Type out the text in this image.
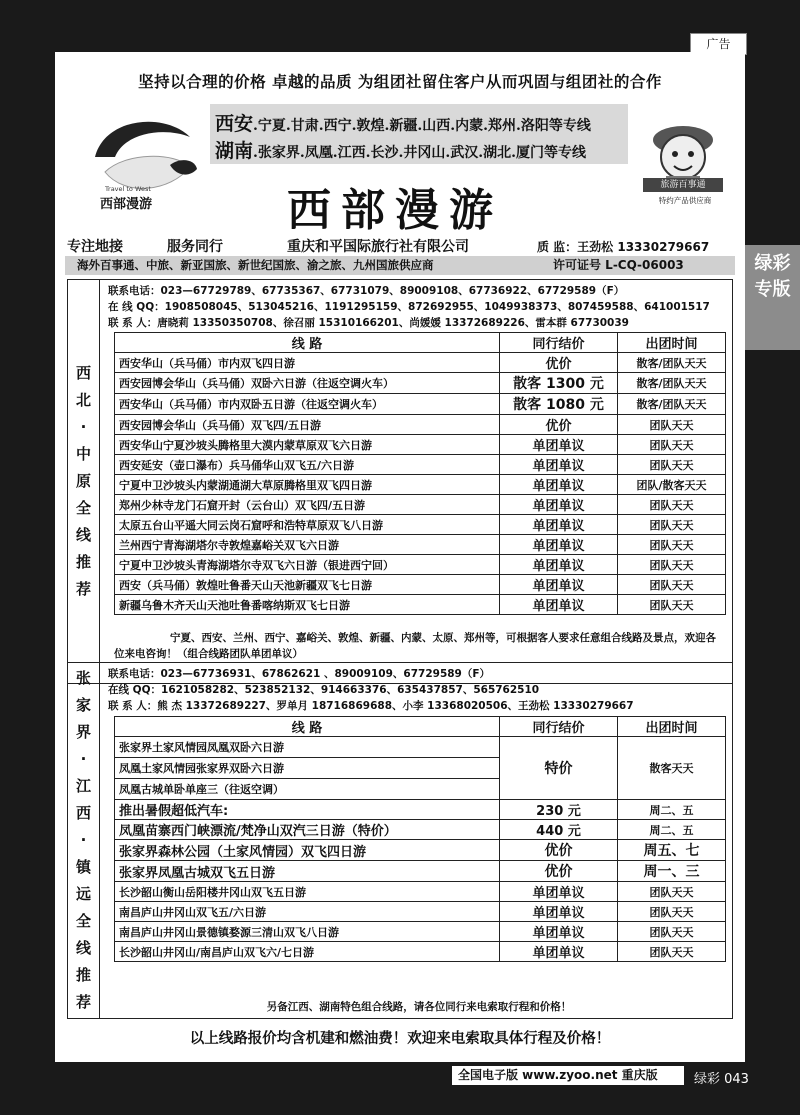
广告
绿彩专版
坚持以合理的价格 卓越的品质 为组团社留住客户从而巩固与组团社的合作
Travel to West
西部漫游
西安.宁夏.甘肃.西宁.敦煌.新疆.山西.内蒙.郑州.洛阳等专线
湖南.张家界.凤凰.江西.长沙.井冈山.武汉.湖北.厦门等专线
旅游百事通
特约产品供应商
西部漫游
专注地接	服务同行	重庆和平国际旅行社有限公司	质 监：王劲松 13330279667
海外百事通、中旅、新亚国旅、新世纪国旅、渝之旅、九州国旅供应商	许可证号 L-CQ-06003
西
北
·
中
原
全
线
推
荐
联系电话：023—67729789、67735367、67731079、89009108、67736922、67729589（F）
在 线 QQ：1908508045、513045216、1191295159、872692955、1049938373、807459588、641001517
联 系 人：唐晓莉 13350350708、徐召丽 15310166201、尚媛媛 13372689226、雷本群 67730039
线 路	同行结价	出团时间
西安华山（兵马俑）市内双飞四日游	优价	散客/团队天天
西安园博会华山（兵马俑）双卧六日游（往返空调火车）	散客 1300 元	散客/团队天天
西安华山（兵马俑）市内双卧五日游（往返空调火车）	散客 1080 元	散客/团队天天
西安园博会华山（兵马俑）双飞四/五日游	优价	团队天天
西安华山宁夏沙坡头腾格里大漠内蒙草原双飞六日游	单团单议	团队天天
西安延安（壶口瀑布）兵马俑华山双飞五/六日游	单团单议	团队天天
宁夏中卫沙坡头内蒙湖通湖大草原腾格里双飞四日游	单团单议	团队/散客天天
郑州少林寺龙门石窟开封（云台山）双飞四/五日游	单团单议	团队天天
太原五台山平遥大同云岗石窟呼和浩特草原双飞八日游	单团单议	团队天天
兰州西宁青海湖塔尔寺敦煌嘉峪关双飞六日游	单团单议	团队天天
宁夏中卫沙坡头青海湖塔尔寺双飞六日游（银进西宁回）	单团单议	团队天天
西安（兵马俑）敦煌吐鲁番天山天池新疆双飞七日游	单团单议	团队天天
新疆乌鲁木齐天山天池吐鲁番喀纳斯双飞七日游	单团单议	团队天天
宁夏、西安、兰州、西宁、嘉峪关、敦煌、新疆、内蒙、太原、郑州等，可根据客人要求任意组合线路及景点，欢迎各位来电咨询！（组合线路团队单团单议）
张
家
界
·
江
西
·
镇
远
全
线
推
荐
联系电话：023—67736931、67862621 、89009109、67729589（F）
在线 QQ：1621058282、523852132、914663376、635437857、565762510
联 系 人：熊 杰 13372689227、罗单月 18716869688、小李 13368020506、王劲松 13330279667
线 路	同行结价	出团时间
张家界土家风情园凤凰双卧六日游	特价	散客天天
凤凰土家风情园张家界双卧六日游		
凤凰古城单卧单座三（往返空调）		
推出暑假超低汽车:	230 元	周二、五
凤凰苗寨西门峡漂流/梵净山双汽三日游（特价）	440 元	周二、五
张家界森林公园（土家风情园）双飞四日游	优价	周五、七
张家界凤凰古城双飞五日游	优价	周一、三
长沙韶山衡山岳阳楼井冈山双飞五日游	单团单议	团队天天
南昌庐山井冈山双飞五/六日游	单团单议	团队天天
南昌庐山井冈山景德镇婺源三清山双飞八日游	单团单议	团队天天
长沙韶山井冈山/南昌庐山双飞六/七日游	单团单议	团队天天
另备江西、湖南特色组合线路，请各位同行来电索取行程和价格！
以上线路报价均含机建和燃油费！欢迎来电索取具体行程及价格！
全国电子版 www.zyoo.net 重庆版	绿彩 043
